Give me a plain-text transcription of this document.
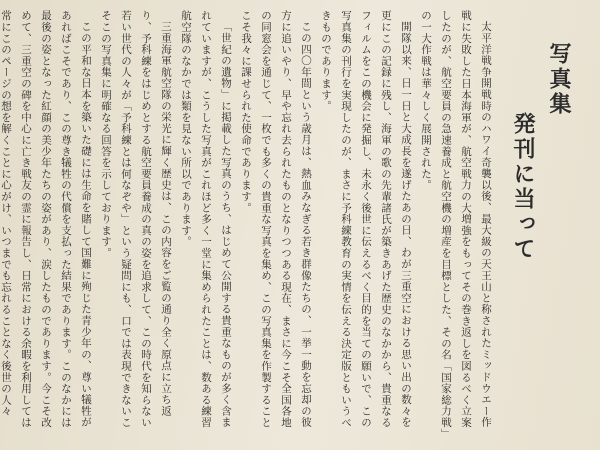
写真集
発刊に当って

太平洋戦争開戦時のハワイ奇襲以後、最大級の天王山と称されたミッドウエー作戦に失敗した日本海軍が、航空戦力の大増強をもってその巻き返しを図るべく立案したのが、航空要員の急速養成と航空機の増産を目標とした、その名「国家総力戦」の一大作戦は華々しく展開された。

開隊以来、日一日と大成長を遂げたあの日、わが三重空における思い出の数々を更にこの記録に残し、海軍の歌の先輩諸氏が築きあげた歴史のなかから、貴重なるフィルムをこの機会に発掘し、未永く後世に伝えるべく目的を当ての願いで、この写真集の刊行を実現したのが、まさに予科練教育の実情を伝える決定版ともいうべきものであります。

この四〇年間という歳月は、熱血みなぎる若き群像たちの、一挙一動を忘却の彼方に追いやり、早や忘れ去られたものとなりつつある現在、まさに今こそ全国各地の同窓会を通じて、一枚でも多くの貴重な写真を集め、この写真集を作製することこそ我々に課せられた使命であります。

「世紀の遺物」に掲載した写真のうち、はじめて公開する貴重なものが多く含まれていますが、こうした写真がこれほど多く一堂に集められたことは、数ある練習航空隊のなかでは類を見ない所以であります。

三重海軍航空隊の栄光に輝く歴史は、この内容をご覧の通り全く原点に立ち返り、予科練をはじめとする航空要員養成の真の姿を追求して、この時代を知らない若い世代の人々が「予科練とは何なぞや」という疑問にも、口では表現できないこそこの写真集に明確なる回答を示しております。

この平和な日本を築いた礎には生命を賭して国難に殉じた青少年の、尊い犠牲があればこそであり、この尊き犠牲の代償を支払った結果であります。このなかには最後の姿となった紅顔の美少年たちの姿があり、涙したものであります。今こそ改めて、三重空の碑を中心に亡き戦友の霊に報告し、日常における余暇を利用しては常にこのページの想を解くことに心がけ、いつまでも忘れることなく後世の人々
